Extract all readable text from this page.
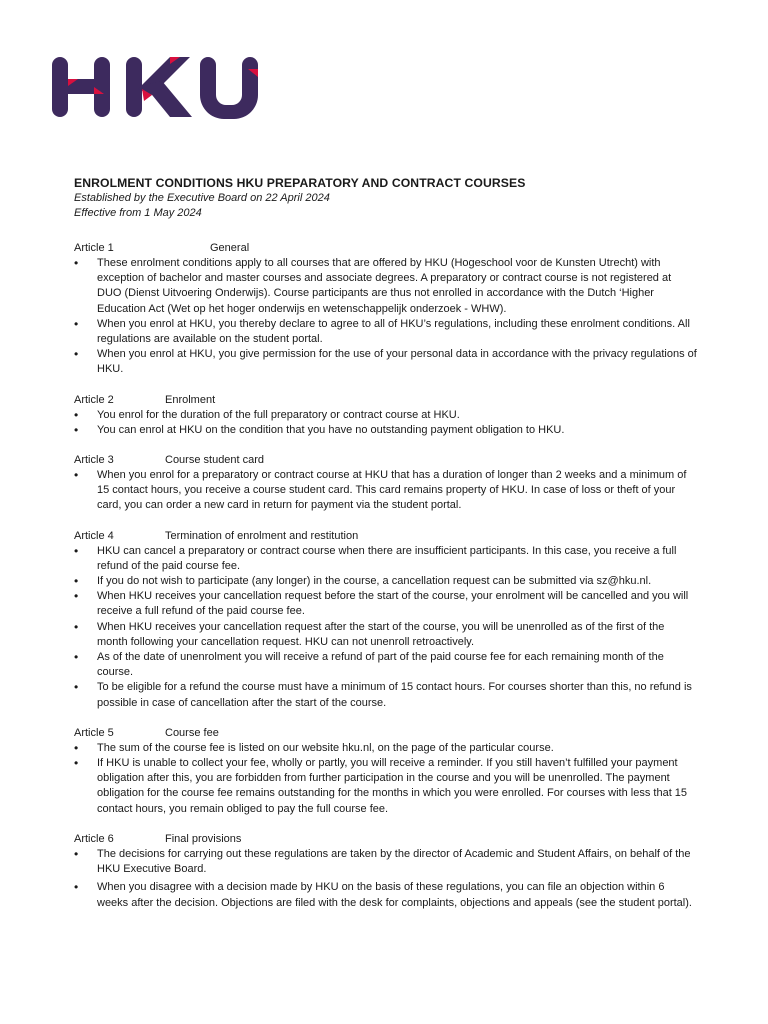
ENROLMENT CONDITIONS HKU PREPARATORY AND CONTRACT COURSES

Established by the Executive Board on 22 April 2024

Effective from 1 May 2024

Article 1	General
• These enrolment conditions apply to all courses that are offered by HKU (Hogeschool voor de Kunsten Utrecht) with exception of bachelor and master courses and associate degrees. A preparatory or contract course is not registered at DUO (Dienst Uitvoering Onderwijs). Course participants are thus not enrolled in accordance with the Dutch ‘Higher Education Act (Wet op het hoger onderwijs en wetenschappelijk onderzoek - WHW).
• When you enrol at HKU, you thereby declare to agree to all of HKU’s regulations, including these enrolment conditions. All regulations are available on the student portal.
• When you enrol at HKU, you give permission for the use of your personal data in accordance with the privacy regulations of HKU.
Article 2	Enrolment
• You enrol for the duration of the full preparatory or contract course at HKU.
• You can enrol at HKU on the condition that you have no outstanding payment obligation to HKU.
Article 3	Course student card
• When you enrol for a preparatory or contract course at HKU that has a duration of longer than 2 weeks and a minimum of 15 contact hours, you receive a course student card. This card remains property of HKU. In case of loss or theft of your card, you can order a new card in return for payment via the student portal.
Article 4	Termination of enrolment and restitution
• HKU can cancel a preparatory or contract course when there are insufficient participants. In this case, you receive a full refund of the paid course fee.
• If you do not wish to participate (any longer) in the course, a cancellation request can be submitted via sz@hku.nl.
• When HKU receives your cancellation request before the start of the course, your enrolment will be cancelled and you will receive a full refund of the paid course fee.
• When HKU receives your cancellation request after the start of the course, you will be unenrolled as of the first of the month following your cancellation request. HKU can not unenroll retroactively.
• As of the date of unenrolment you will receive a refund of part of the paid course fee for each remaining month of the course.
• To be eligible for a refund the course must have a minimum of 15 contact hours. For courses shorter than this, no refund is possible in case of cancellation after the start of the course.
Article 5	Course fee
• The sum of the course fee is listed on our website hku.nl, on the page of the particular course.
• If HKU is unable to collect your fee, wholly or partly, you will receive a reminder. If you still haven’t fulfilled your payment obligation after this, you are forbidden from further participation in the course and you will be unenrolled. The payment obligation for the course fee remains outstanding for the months in which you were enrolled. For courses with less that 15 contact hours, you remain obliged to pay the full course fee.
Article 6	Final provisions
• The decisions for carrying out these regulations are taken by the director of Academic and Student Affairs, on behalf of the HKU Executive Board.
• When you disagree with a decision made by HKU on the basis of these regulations, you can file an objection within 6 weeks after the decision. Objections are filed with the desk for complaints, objections and appeals (see the student portal).
